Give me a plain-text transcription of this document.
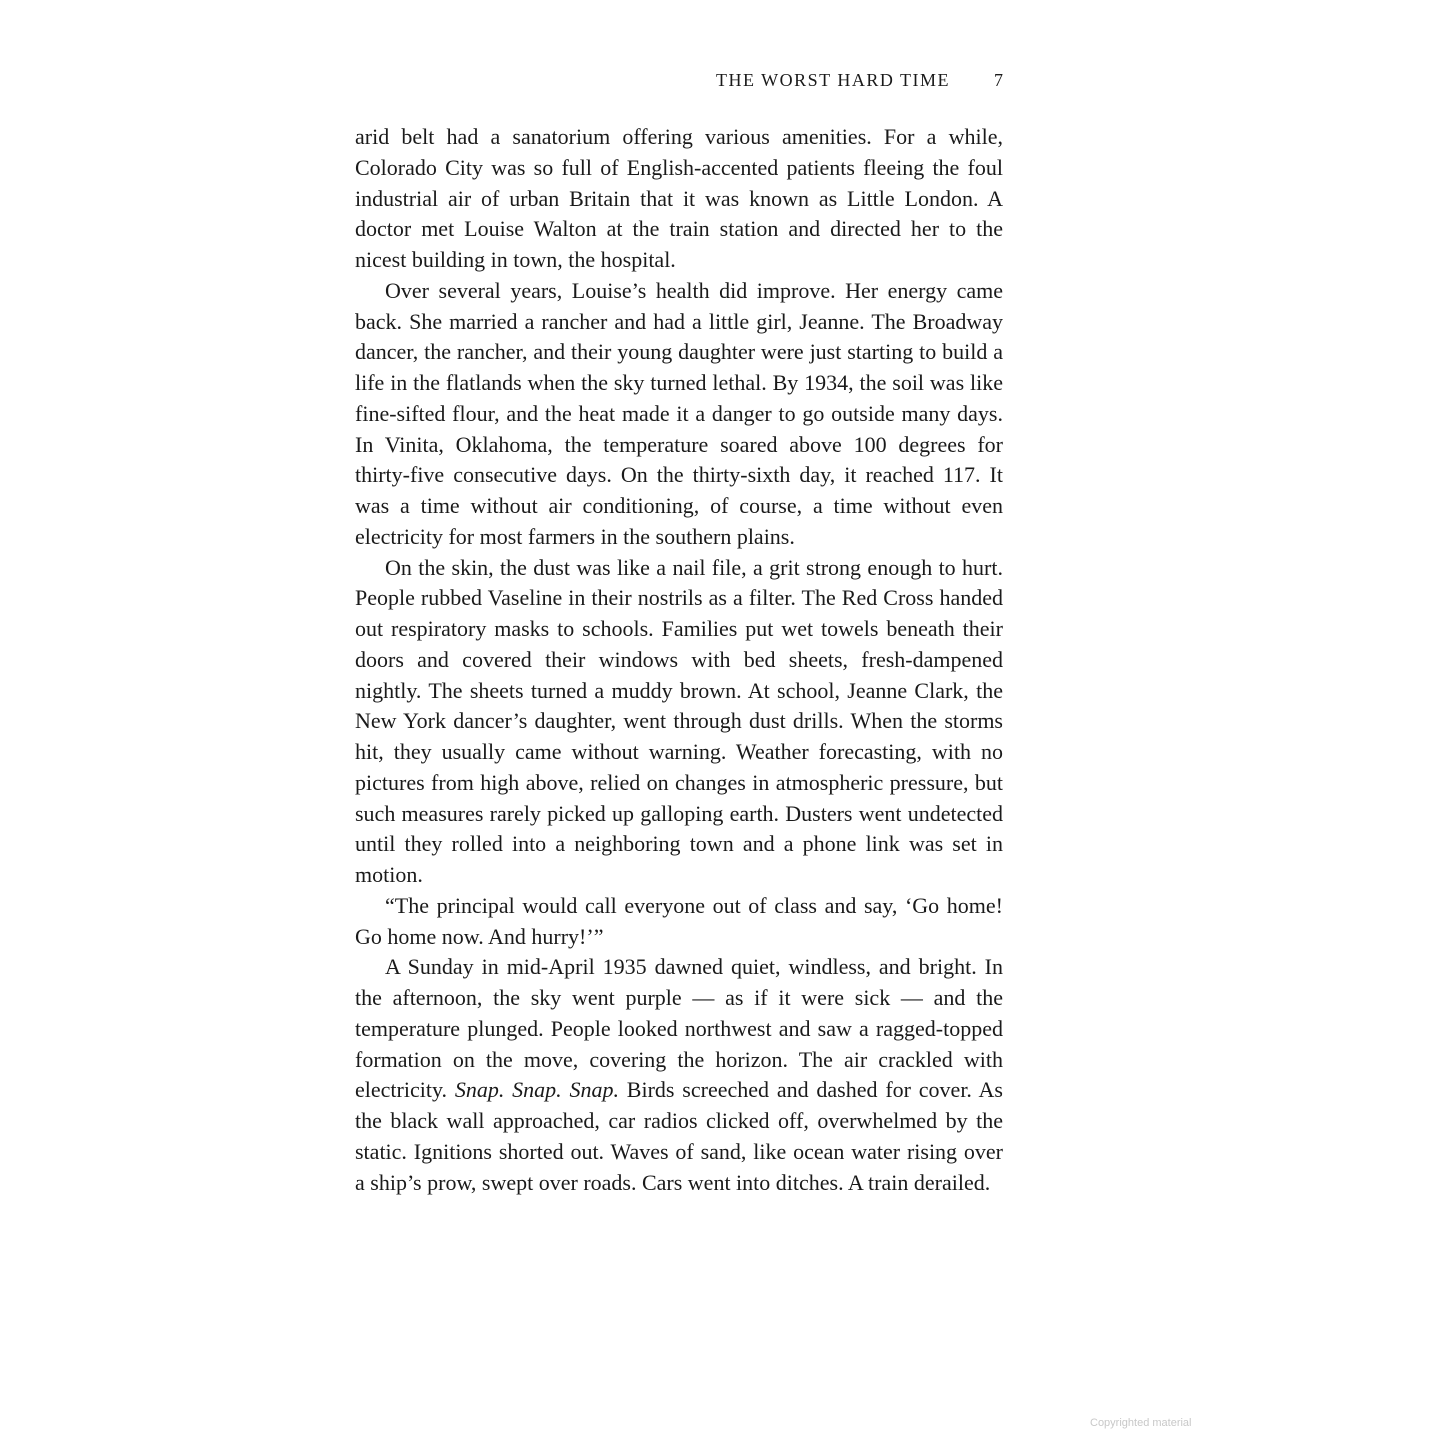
THE WORST HARD TIME 7

arid belt had a sanatorium offering various amenities. For a while, Colorado City was so full of English-accented patients fleeing the foul industrial air of urban Britain that it was known as Little London. A doctor met Louise Walton at the train station and directed her to the nicest building in town, the hospital.

Over several years, Louise’s health did improve. Her energy came back. She married a rancher and had a little girl, Jeanne. The Broadway dancer, the rancher, and their young daughter were just starting to build a life in the flatlands when the sky turned lethal. By 1934, the soil was like fine-sifted flour, and the heat made it a danger to go outside many days. In Vinita, Oklahoma, the temperature soared above 100 degrees for thirty-five consecutive days. On the thirty-sixth day, it reached 117. It was a time without air conditioning, of course, a time without even electricity for most farmers in the southern plains.

On the skin, the dust was like a nail file, a grit strong enough to hurt. People rubbed Vaseline in their nostrils as a filter. The Red Cross handed out respiratory masks to schools. Families put wet towels beneath their doors and covered their windows with bed sheets, fresh-dampened nightly. The sheets turned a muddy brown. At school, Jeanne Clark, the New York dancer’s daughter, went through dust drills. When the storms hit, they usually came without warning. Weather forecasting, with no pictures from high above, relied on changes in atmospheric pressure, but such measures rarely picked up galloping earth. Dusters went undetected until they rolled into a neighboring town and a phone link was set in motion.

“The principal would call everyone out of class and say, ‘Go home! Go home now. And hurry!’”

A Sunday in mid-April 1935 dawned quiet, windless, and bright. In the afternoon, the sky went purple — as if it were sick — and the temperature plunged. People looked northwest and saw a ragged-topped formation on the move, covering the horizon. The air crackled with electricity. Snap. Snap. Snap. Birds screeched and dashed for cover. As the black wall approached, car radios clicked off, overwhelmed by the static. Ignitions shorted out. Waves of sand, like ocean water rising over a ship’s prow, swept over roads. Cars went into ditches. A train derailed.

Copyrighted material
